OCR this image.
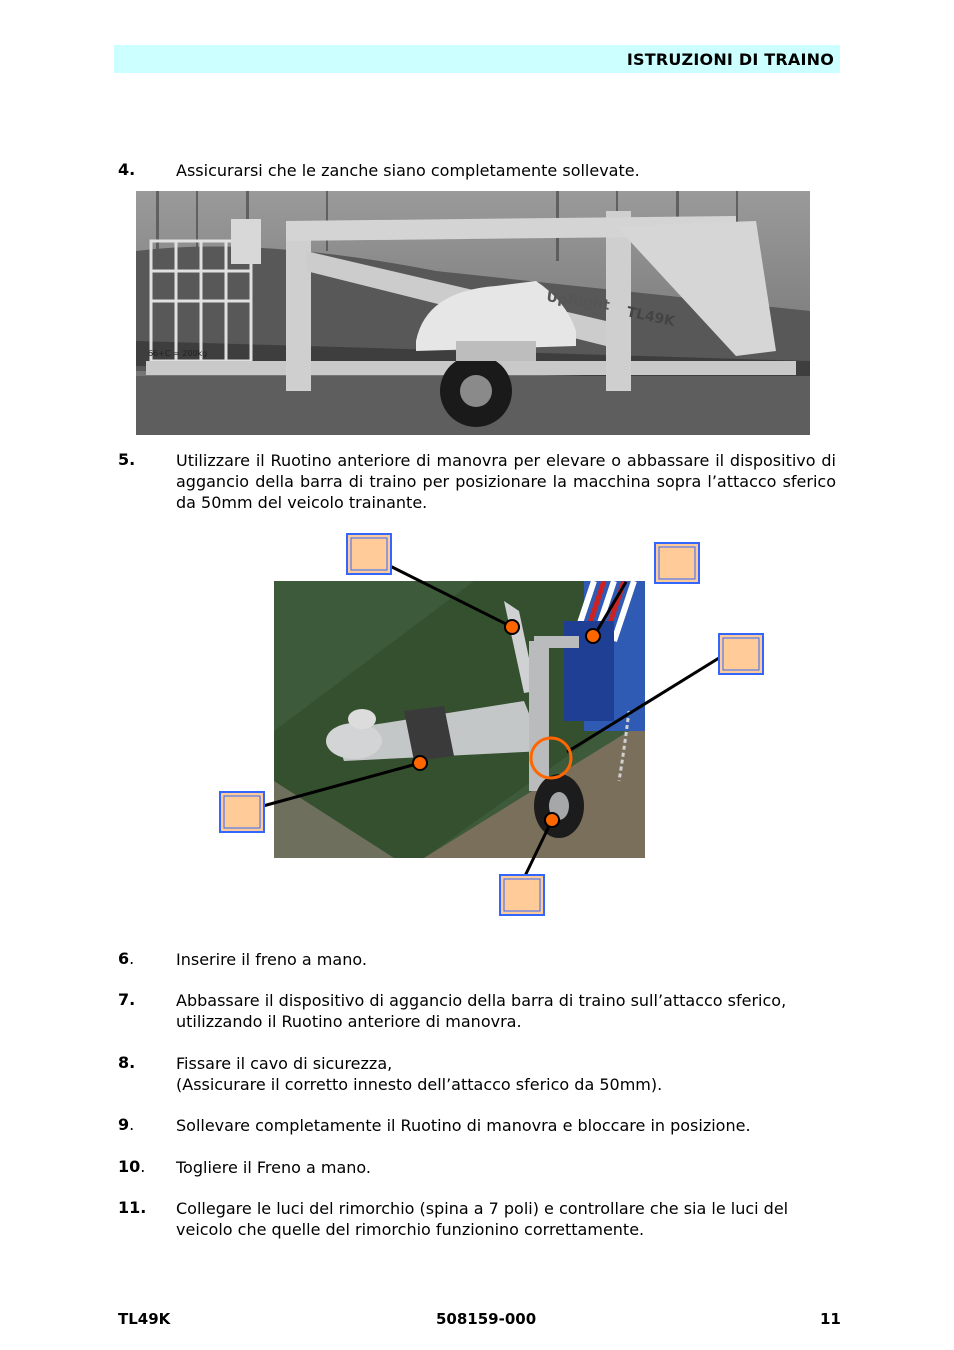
ISTRUZIONI DI TRAINO
4.	Assicurarsi che le zanche siano completamente sollevate.
66+C = 200kg
UpRight
TL49K
5.	Utilizzare il Ruotino anteriore di manovra per elevare o abbassare il dispositivo di aggancio della barra di traino per posizionare la macchina sopra l’attacco sferico da 50mm del veicolo trainante.
6.	Inserire il freno a mano.
7.	Abbassare il dispositivo di aggancio della barra di traino sull’attacco sferico, utilizzando il Ruotino anteriore di manovra.
8.	Fissare il cavo di sicurezza,
(Assicurare il corretto innesto dell’attacco sferico da 50mm).
9.	Sollevare completamente il Ruotino di manovra e bloccare in posizione.
10.	Togliere il Freno a mano.
11.	Collegare le luci del rimorchio (spina a 7 poli) e controllare che sia le luci del veicolo che quelle del rimorchio funzionino correttamente.
TL49K	508159-000	11
